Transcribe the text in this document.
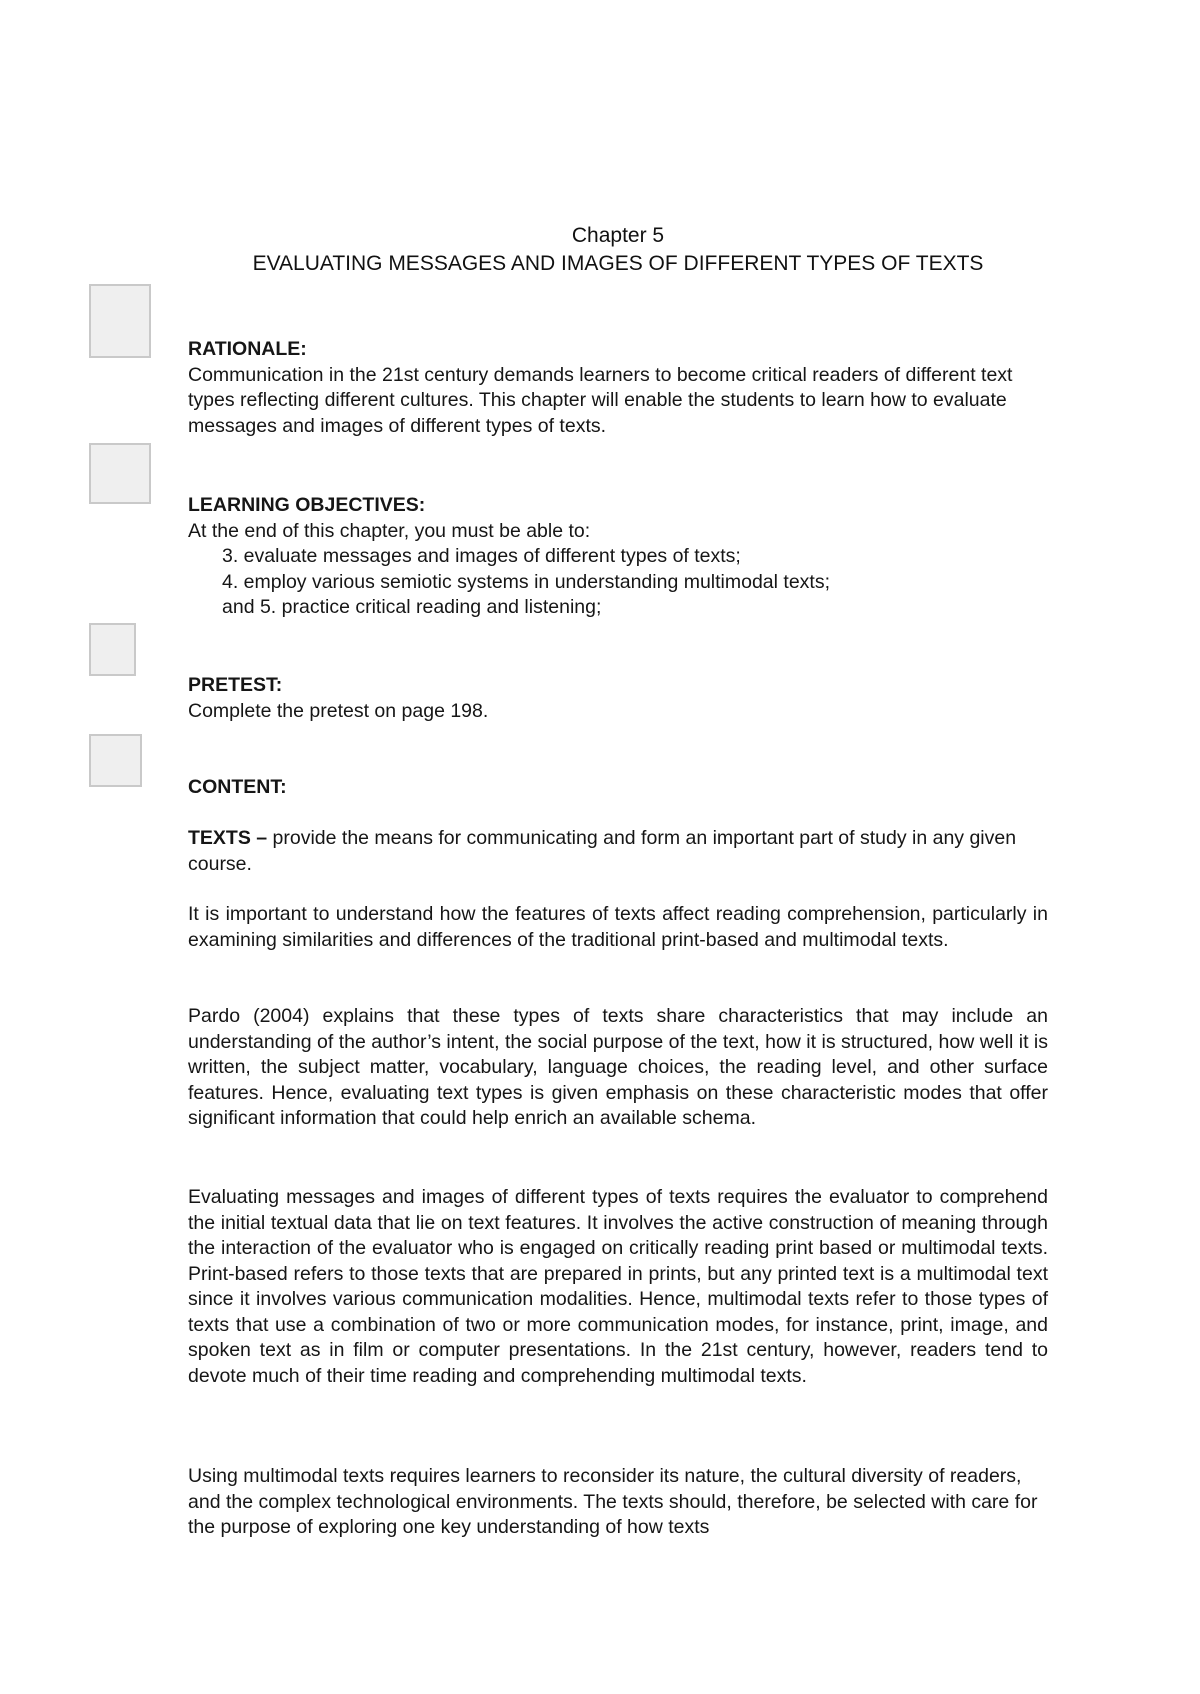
Chapter 5
EVALUATING MESSAGES AND IMAGES OF DIFFERENT TYPES OF TEXTS
RATIONALE:

Communication in the 21st century demands learners to become critical readers of different text types reflecting different cultures. This chapter will enable the students to learn how to evaluate messages and images of different types of texts.

LEARNING OBJECTIVES:

At the end of this chapter, you must be able to:

3. evaluate messages and images of different types of texts;
4. employ various semiotic systems in understanding multimodal texts;
and 5. practice critical reading and listening;
PRETEST:

Complete the pretest on page 198.

CONTENT:

TEXTS – provide the means for communicating and form an important part of study in any given course.

It is important to understand how the features of texts affect reading comprehension, particularly in examining similarities and differences of the traditional print-based and multimodal texts.
Pardo (2004) explains that these types of texts share characteristics that may include an understanding of the author’s intent, the social purpose of the text, how it is structured, how well it is written, the subject matter, vocabulary, language choices, the reading level, and other surface features. Hence, evaluating text types is given emphasis on these characteristic modes that offer significant information that could help enrich an available schema.
Evaluating messages and images of different types of texts requires the evaluator to comprehend the initial textual data that lie on text features. It involves the active construction of meaning through the interaction of the evaluator who is engaged on critically reading print based or multimodal texts. Print-based refers to those texts that are prepared in prints, but any printed text is a multimodal text since it involves various communication modalities. Hence, multimodal texts refer to those types of texts that use a combination of two or more communication modes, for instance, print, image, and spoken text as in film or computer presentations. In the 21st century, however, readers tend to devote much of their time reading and comprehending multimodal texts.
Using multimodal texts requires learners to reconsider its nature, the cultural diversity of readers, and the complex technological environments. The texts should, therefore, be selected with care for the purpose of exploring one key understanding of how texts
